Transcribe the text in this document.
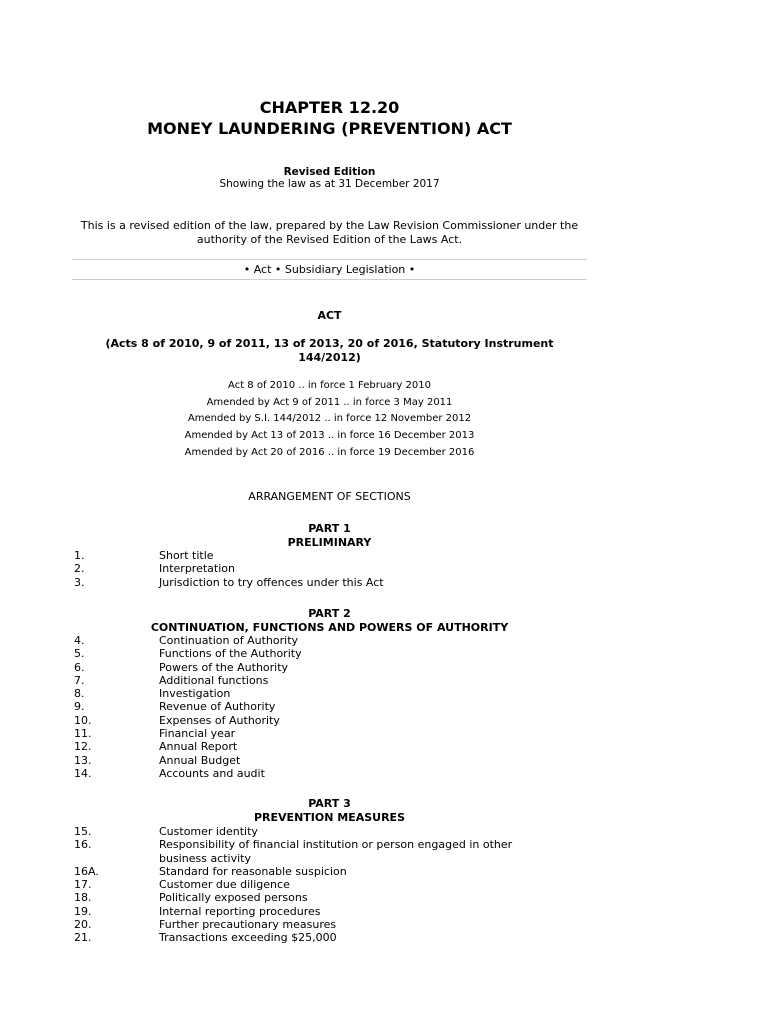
CHAPTER 12.20
MONEY LAUNDERING (PREVENTION) ACT
Revised Edition
Showing the law as at 31 December 2017
This is a revised edition of the law, prepared by the Law Revision Commissioner under the authority of the Revised Edition of the Laws Act.
• Act • Subsidiary Legislation •
ACT
(Acts 8 of 2010, 9 of 2011, 13 of 2013, 20 of 2016, Statutory Instrument 144/2012)
Act 8 of 2010 .. in force 1 February 2010
Amended by Act 9 of 2011 .. in force 3 May 2011
Amended by S.I. 144/2012 .. in force 12 November 2012
Amended by Act 13 of 2013 .. in force 16 December 2013
Amended by Act 20 of 2016 .. in force 19 December 2016
ARRANGEMENT OF SECTIONS
PART 1
PRELIMINARY
1.	Short title
2.	Interpretation
3.	Jurisdiction to try offences under this Act
PART 2
CONTINUATION, FUNCTIONS AND POWERS OF AUTHORITY
4.	Continuation of Authority
5.	Functions of the Authority
6.	Powers of the Authority
7.	Additional functions
8.	Investigation
9.	Revenue of Authority
10.	Expenses of Authority
11.	Financial year
12.	Annual Report
13.	Annual Budget
14.	Accounts and audit
PART 3
PREVENTION MEASURES
15.	Customer identity
16.	Responsibility of financial institution or person engaged in other business activity
16A.	Standard for reasonable suspicion
17.	Customer due diligence
18.	Politically exposed persons
19.	Internal reporting procedures
20.	Further precautionary measures
21.	Transactions exceeding $25,000
